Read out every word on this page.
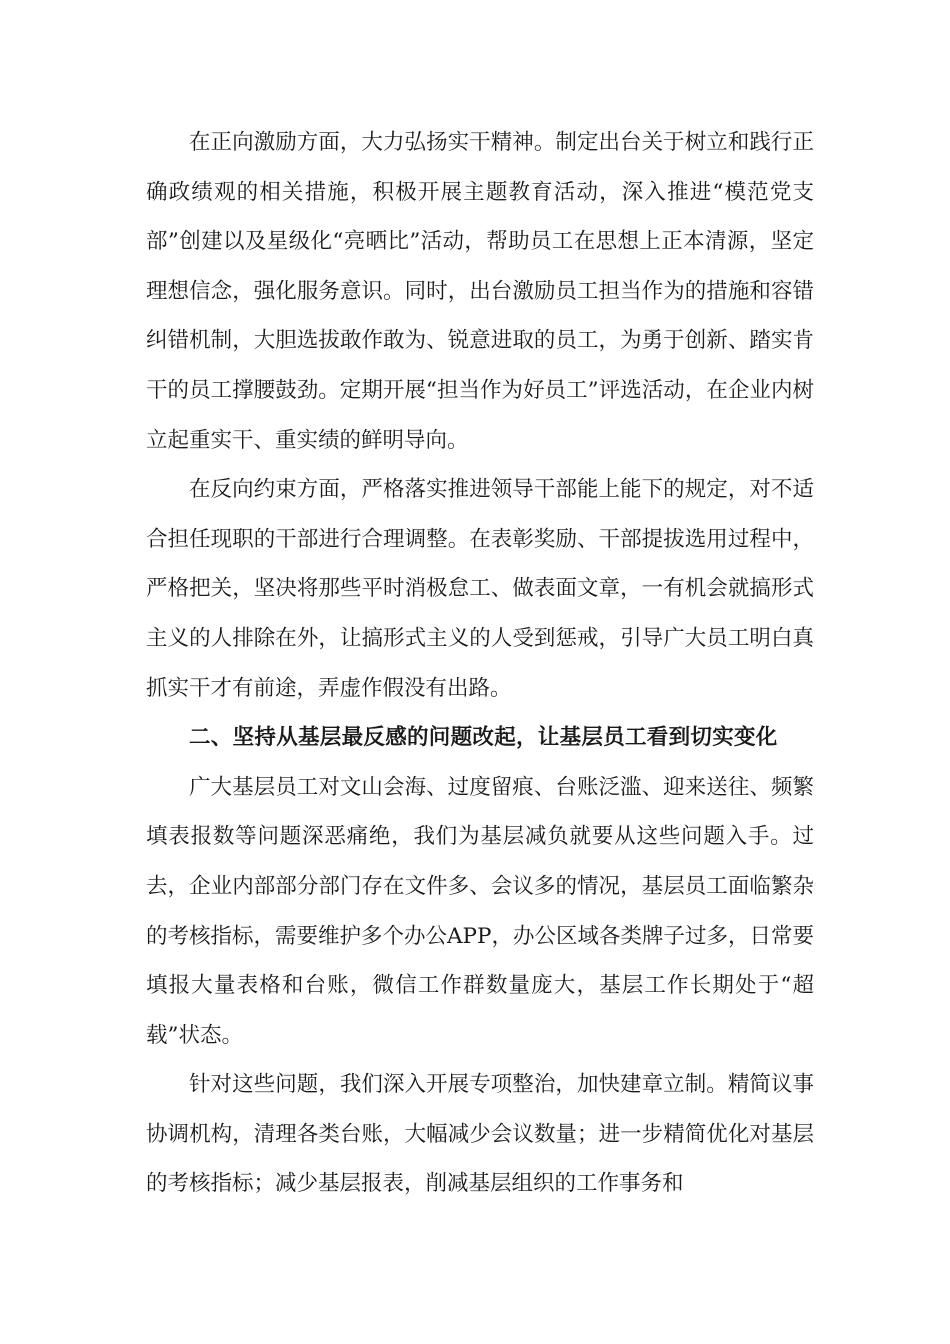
在正向激励方面，大力弘扬实干精神。制定出台关于树立和践行正确政绩观的相关措施，积极开展主题教育活动，深入推进“模范党支部”创建以及星级化“亮晒比”活动，帮助员工在思想上正本清源，坚定理想信念，强化服务意识。同时，出台激励员工担当作为的措施和容错纠错机制，大胆选拔敢作敢为、锐意进取的员工，为勇于创新、踏实肯干的员工撑腰鼓劲。定期开展“担当作为好员工”评选活动，在企业内树立起重实干、重实绩的鲜明导向。

在反向约束方面，严格落实推进领导干部能上能下的规定，对不适合担任现职的干部进行合理调整。在表彰奖励、干部提拔选用过程中，严格把关，坚决将那些平时消极怠工、做表面文章，一有机会就搞形式主义的人排除在外，让搞形式主义的人受到惩戒，引导广大员工明白真抓实干才有前途，弄虚作假没有出路。

二、坚持从基层最反感的问题改起，让基层员工看到切实变化

广大基层员工对文山会海、过度留痕、台账泛滥、迎来送往、频繁填表报数等问题深恶痛绝，我们为基层减负就要从这些问题入手。过去，企业内部部分部门存在文件多、会议多的情况，基层员工面临繁杂的考核指标，需要维护多个办公APP，办公区域各类牌子过多，日常要填报大量表格和台账，微信工作群数量庞大，基层工作长期处于“超载”状态。

针对这些问题，我们深入开展专项整治，加快建章立制。精简议事协调机构，清理各类台账，大幅减少会议数量；进一步精简优化对基层的考核指标；减少基层报表，削减基层组织的工作事务和
